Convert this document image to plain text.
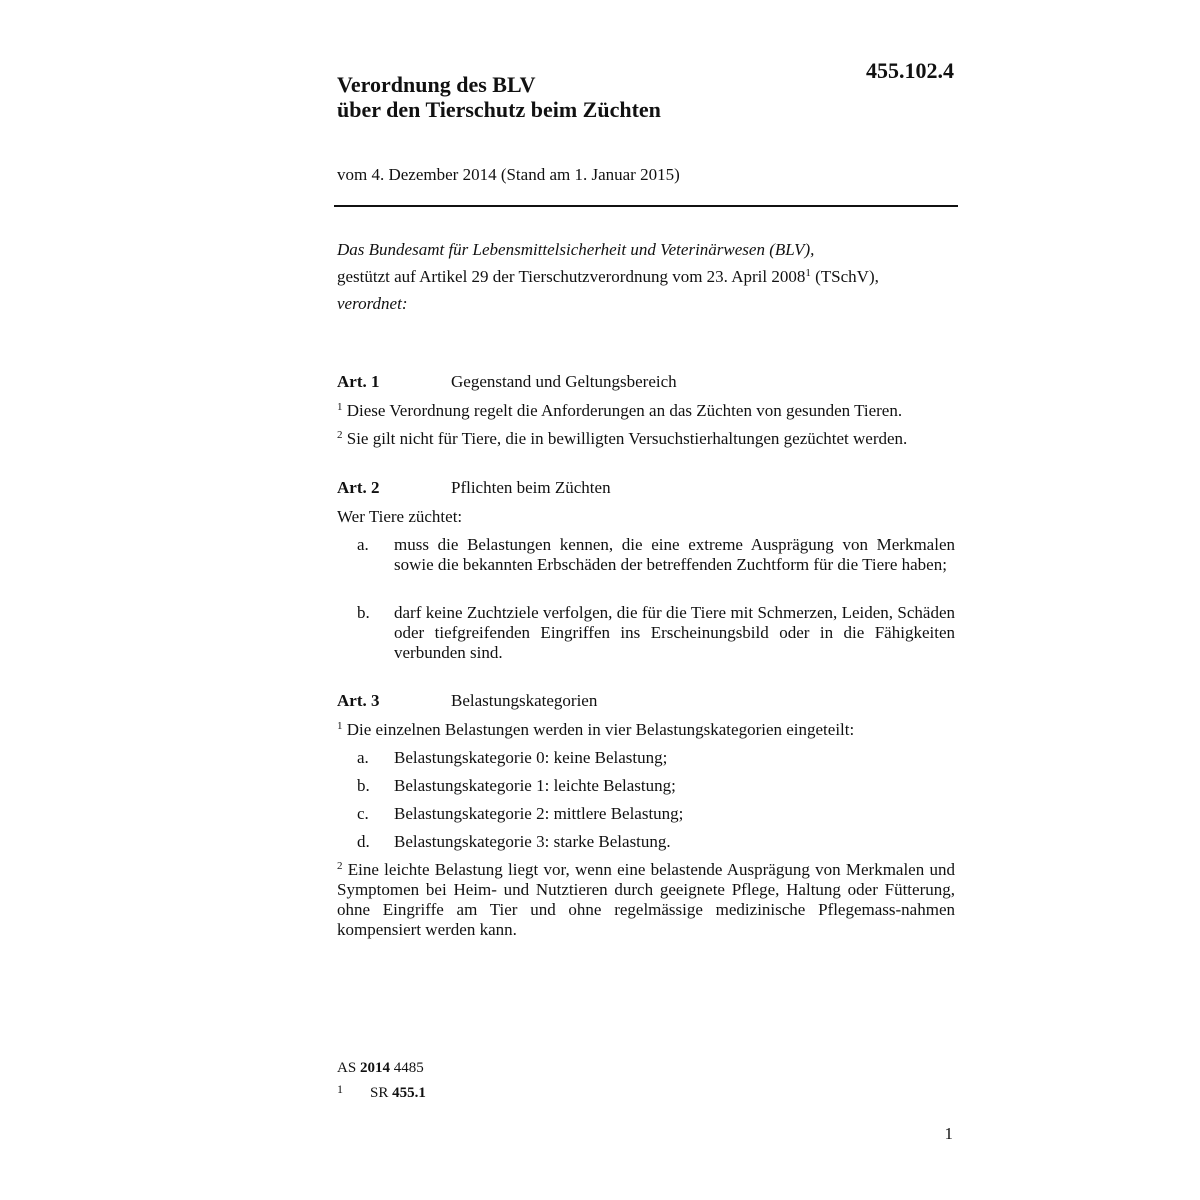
455.102.4
Verordnung des BLV
über den Tierschutz beim Züchten
vom 4. Dezember 2014 (Stand am 1. Januar 2015)
Das Bundesamt für Lebensmittelsicherheit und Veterinärwesen (BLV),
gestützt auf Artikel 29 der Tierschutzverordnung vom 23. April 2008$^1$ (TSchV),
verordnet:
Art. 1	Gegenstand und Geltungsbereich
$^1$ Diese Verordnung regelt die Anforderungen an das Züchten von gesunden Tieren.
$^2$ Sie gilt nicht für Tiere, die in bewilligten Versuchstierhaltungen gezüchtet werden.
Art. 2	Pflichten beim Züchten
Wer Tiere züchtet:
a.	muss die Belastungen kennen, die eine extreme Ausprägung von Merkmalen sowie die bekannten Erbschäden der betreffenden Zuchtform für die Tiere haben;
b.	darf keine Zuchtziele verfolgen, die für die Tiere mit Schmerzen, Leiden, Schäden oder tiefgreifenden Eingriffen ins Erscheinungsbild oder in die Fähigkeiten verbunden sind.
Art. 3	Belastungskategorien
$^1$ Die einzelnen Belastungen werden in vier Belastungskategorien eingeteilt:
a.	Belastungskategorie 0: keine Belastung;
b.	Belastungskategorie 1: leichte Belastung;
c.	Belastungskategorie 2: mittlere Belastung;
d.	Belastungskategorie 3: starke Belastung.
$^2$ Eine leichte Belastung liegt vor, wenn eine belastende Ausprägung von Merkmalen und Symptomen bei Heim- und Nutztieren durch geeignete Pflege, Haltung oder Fütterung, ohne Eingriffe am Tier und ohne regelmässige medizinische Pflegemass-nahmen kompensiert werden kann.
AS 2014 4485
1 SR 455.1
1
